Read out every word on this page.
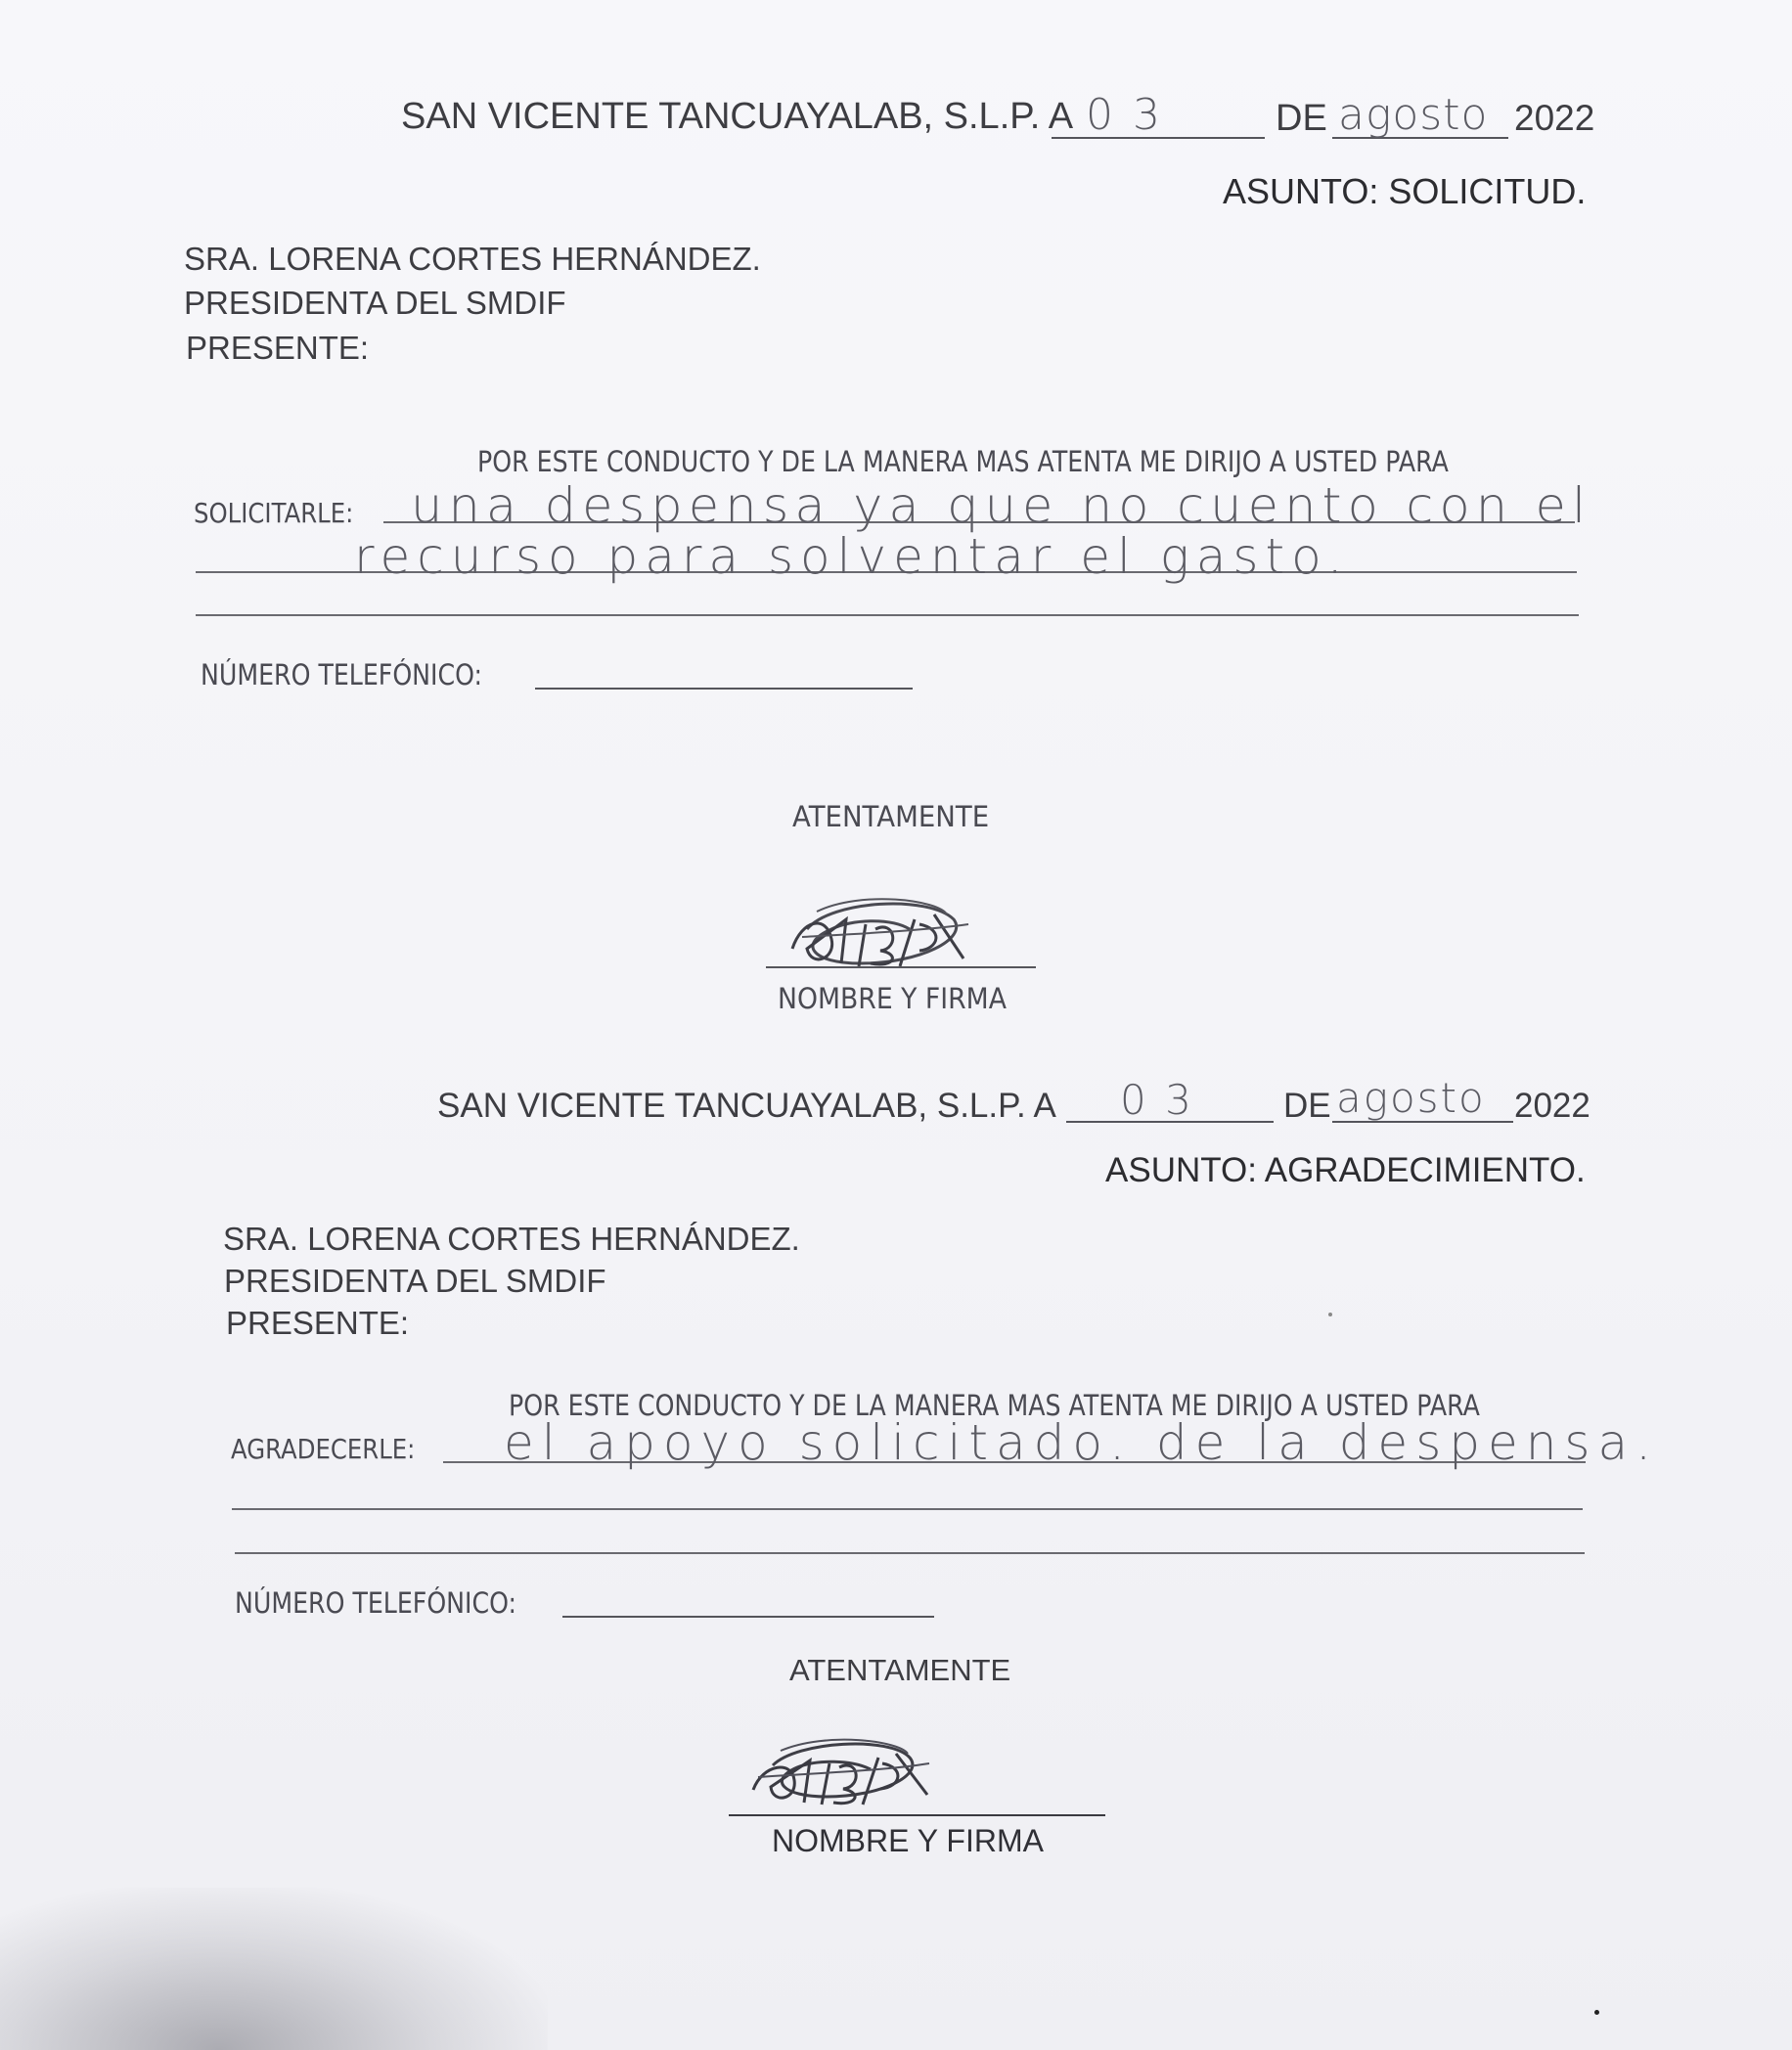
SAN VICENTE TANCUAYALAB, S.L.P. A 0 3	DE agosto 2022
ASUNTO: SOLICITUD.
SRA. LORENA CORTES HERNÁNDEZ.
PRESIDENTA DEL SMDIF
PRESENTE:
POR ESTE CONDUCTO Y DE LA MANERA MAS ATENTA ME DIRIJO A USTED PARA
SOLICITARLE: una despensa ya que no cuento con el
recurso para solventar el gasto.
NÚMERO TELEFÓNICO:
ATENTAMENTE
NOMBRE Y FIRMA
SAN VICENTE TANCUAYALAB, S.L.P. A 0 3	DE agosto 2022
ASUNTO: AGRADECIMIENTO.
SRA. LORENA CORTES HERNÁNDEZ.
PRESIDENTA DEL SMDIF
PRESENTE:
POR ESTE CONDUCTO Y DE LA MANERA MAS ATENTA ME DIRIJO A USTED PARA
AGRADECERLE: el apoyo solicitado. de la despensa.
NÚMERO TELEFÓNICO:
ATENTAMENTE
NOMBRE Y FIRMA
